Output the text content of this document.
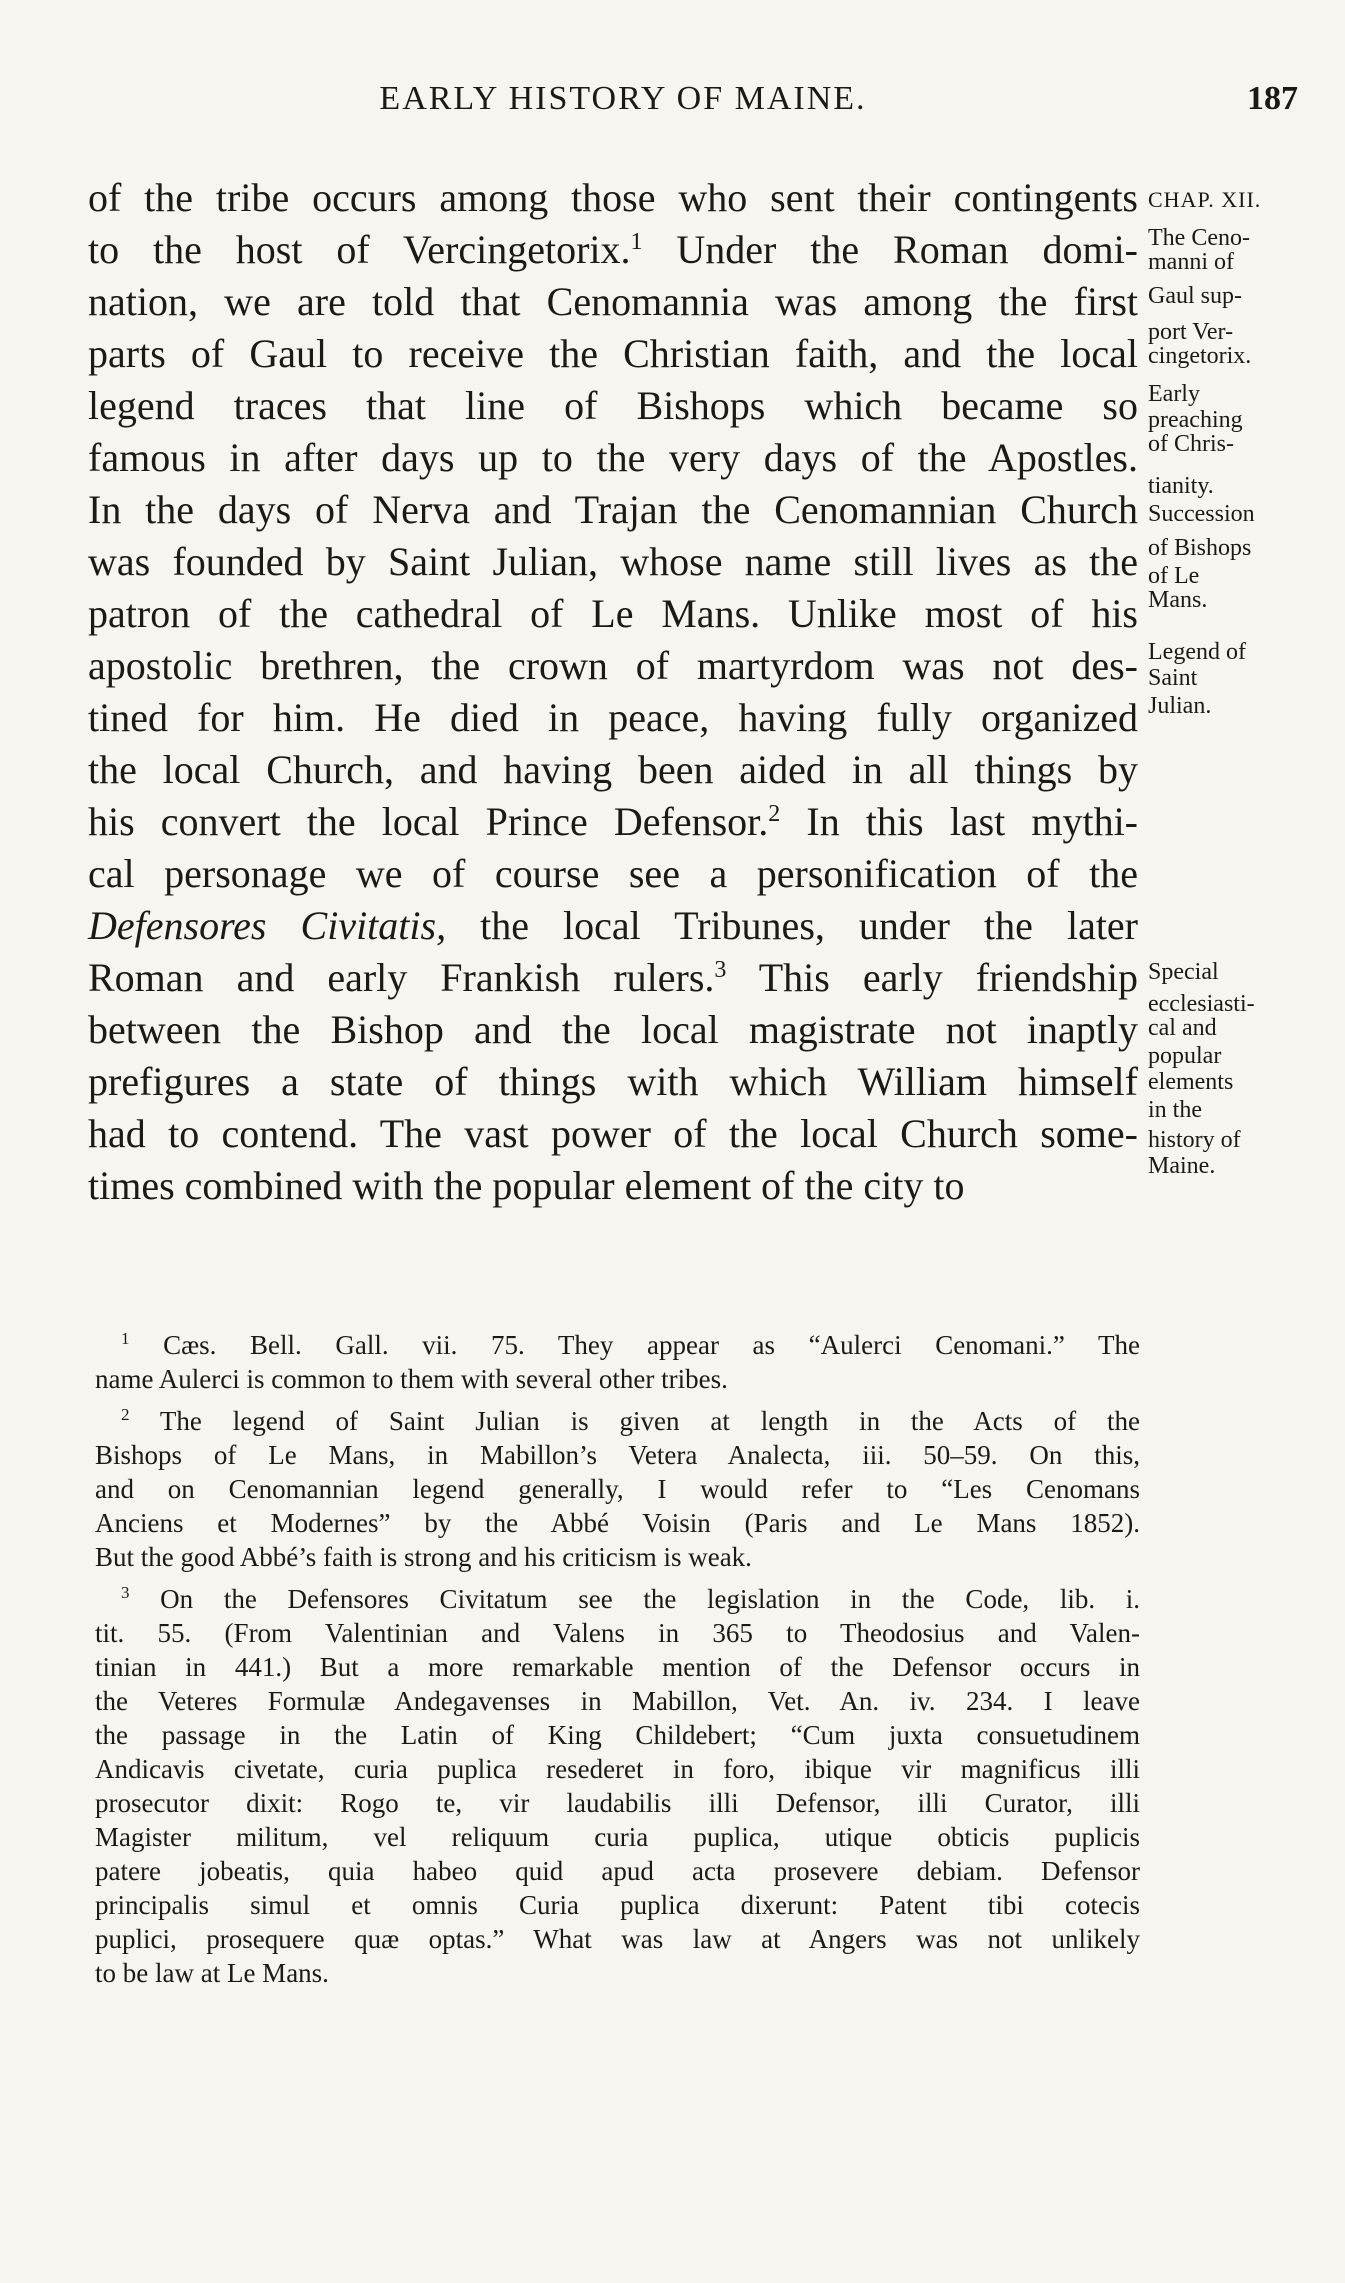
EARLY HISTORY OF MAINE.	187
of the tribe occurs among those who sent their contingents
to the host of Vercingetorix.$^1$ Under the Roman domi-
nation, we are told that Cenomannia was among the first
parts of Gaul to receive the Christian faith, and the local
legend traces that line of Bishops which became so
famous in after days up to the very days of the Apostles.
In the days of Nerva and Trajan the Cenomannian Church
was founded by Saint Julian, whose name still lives as the
patron of the cathedral of Le Mans. Unlike most of his
apostolic brethren, the crown of martyrdom was not des-
tined for him. He died in peace, having fully organized
the local Church, and having been aided in all things by
his convert the local Prince Defensor.$^2$ In this last mythi-
cal personage we of course see a personification of the
Defensores Civitatis, the local Tribunes, under the later
Roman and early Frankish rulers.$^3$ This early friendship
between the Bishop and the local magistrate not inaptly
prefigures a state of things with which William himself
had to contend. The vast power of the local Church some-
times combined with the popular element of the city to
CHAP. XII.
The Ceno-
manni of
Gaul sup-
port Ver-
cingetorix.
Early
preaching
of Chris-
tianity.
Succession
of Bishops
of Le
Mans.
Legend of
Saint
Julian.
Special
ecclesiasti-
cal and
popular
elements
in the
history of
Maine.
$^1$ Cæs. Bell. Gall. vii. 75. They appear as “Aulerci Cenomani.” The
name Aulerci is common to them with several other tribes.
$^2$ The legend of Saint Julian is given at length in the Acts of the
Bishops of Le Mans, in Mabillon’s Vetera Analecta, iii. 50–59. On this,
and on Cenomannian legend generally, I would refer to “Les Cenomans
Anciens et Modernes” by the Abbé Voisin (Paris and Le Mans 1852).
But the good Abbé’s faith is strong and his criticism is weak.
$^3$ On the Defensores Civitatum see the legislation in the Code, lib. i.
tit. 55. (From Valentinian and Valens in 365 to Theodosius and Valen-
tinian in 441.) But a more remarkable mention of the Defensor occurs in
the Veteres Formulæ Andegavenses in Mabillon, Vet. An. iv. 234. I leave
the passage in the Latin of King Childebert; “Cum juxta consuetudinem
Andicavis civetate, curia puplica resederet in foro, ibique vir magnificus illi
prosecutor dixit: Rogo te, vir laudabilis illi Defensor, illi Curator, illi
Magister militum, vel reliquum curia puplica, utique obticis puplicis
patere jobeatis, quia habeo quid apud acta prosevere debiam. Defensor
principalis simul et omnis Curia puplica dixerunt: Patent tibi cotecis
puplici, prosequere quæ optas.” What was law at Angers was not unlikely
to be law at Le Mans.
